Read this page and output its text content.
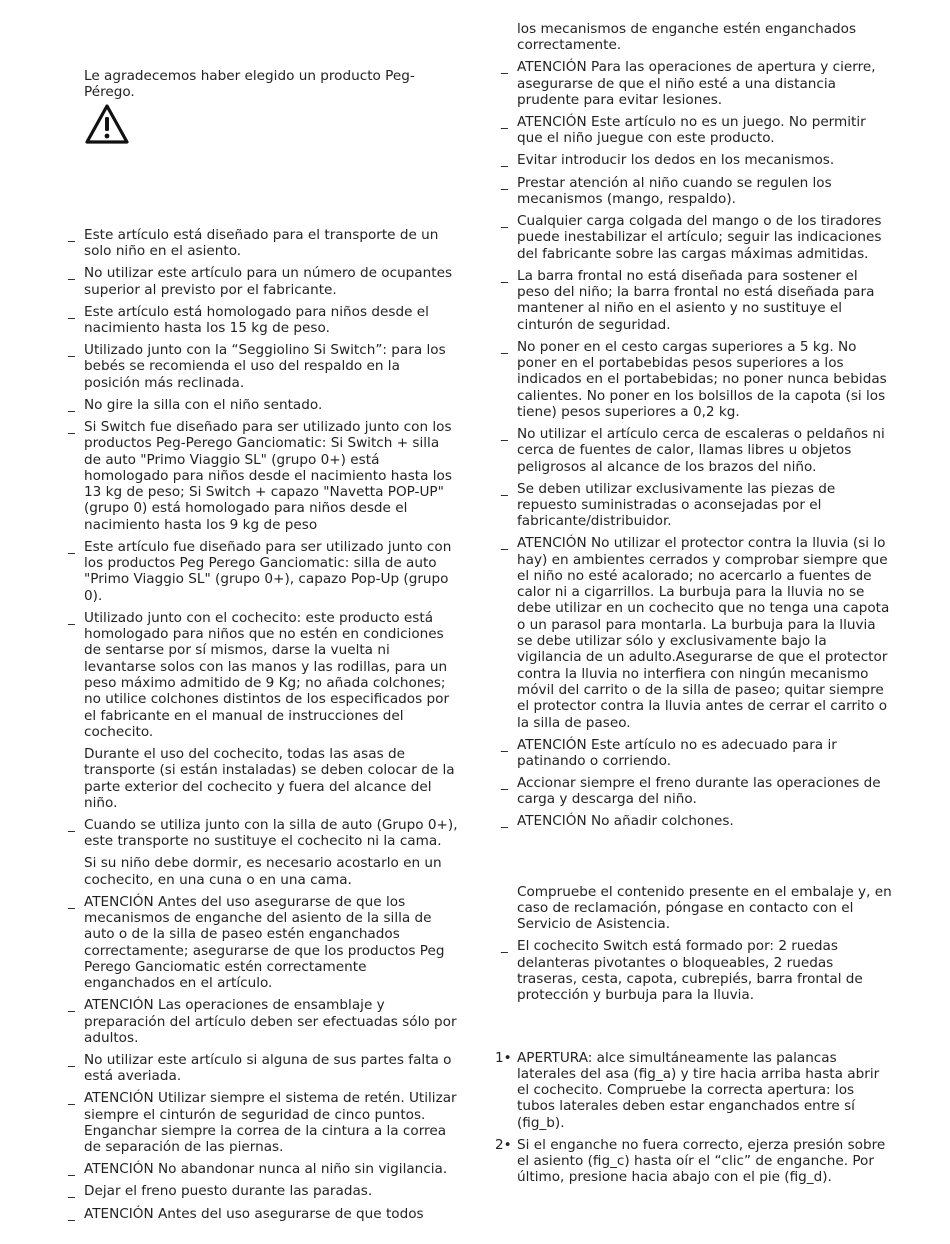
Le agradecemos haber elegido un producto Peg-Pérego.
_ Este artículo está diseñado para el transporte de un solo niño en el asiento.
_ No utilizar este artículo para un número de ocupantes superior al previsto por el fabricante.
_ Este artículo está homologado para niños desde el nacimiento hasta los 15 kg de peso.
_ Utilizado junto con la “Seggiolino Si Switch”: para los bebés se recomienda el uso del respaldo en la posición más reclinada.
_ No gire la silla con el niño sentado.
_ Si Switch fue diseñado para ser utilizado junto con los productos Peg-Perego Ganciomatic: Si Switch + silla de auto "Primo Viaggio SL" (grupo 0+) está homologado para niños desde el nacimiento hasta los 13 kg de peso; Si Switch + capazo "Navetta POP-UP" (grupo 0) está homologado para niños desde el nacimiento hasta los 9 kg de peso
_ Este artículo fue diseñado para ser utilizado junto con los productos Peg Perego Ganciomatic: silla de auto "Primo Viaggio SL" (grupo 0+), capazo Pop-Up (grupo 0).
_ Utilizado junto con el cochecito: este producto está homologado para niños que no estén en condiciones de sentarse por sí mismos, darse la vuelta ni levantarse solos con las manos y las rodillas, para un peso máximo admitido de 9 Kg; no añada colchones; no utilice colchones distintos de los especificados por el fabricante en el manual de instrucciones del cochecito.
Durante el uso del cochecito, todas las asas de transporte (si están instaladas) se deben colocar de la parte exterior del cochecito y fuera del alcance del niño.
_ Cuando se utiliza junto con la silla de auto (Grupo 0+), este transporte no sustituye el cochecito ni la cama.
Si su niño debe dormir, es necesario acostarlo en un cochecito, en una cuna o en una cama.
_ ATENCIÓN Antes del uso asegurarse de que los mecanismos de enganche del asiento de la silla de auto o de la silla de paseo estén enganchados correctamente; asegurarse de que los productos Peg Perego Ganciomatic estén correctamente enganchados en el artículo.
_ ATENCIÓN Las operaciones de ensamblaje y preparación del artículo deben ser efectuadas sólo por adultos.
_ No utilizar este artículo si alguna de sus partes falta o está averiada.
_ ATENCIÓN Utilizar siempre el sistema de retén. Utilizar siempre el cinturón de seguridad de cinco puntos. Enganchar siempre la correa de la cintura a la correa de separación de las piernas.
_ ATENCIÓN No abandonar nunca al niño sin vigilancia.
_ Dejar el freno puesto durante las paradas.
_ ATENCIÓN Antes del uso asegurarse de que todos
los mecanismos de enganche estén enganchados correctamente.
_ ATENCIÓN Para las operaciones de apertura y cierre, asegurarse de que el niño esté a una distancia prudente para evitar lesiones.
_ ATENCIÓN Este artículo no es un juego. No permitir que el niño juegue con este producto.
_ Evitar introducir los dedos en los mecanismos.
_ Prestar atención al niño cuando se regulen los mecanismos (mango, respaldo).
_ Cualquier carga colgada del mango o de los tiradores puede inestabilizar el artículo; seguir las indicaciones del fabricante sobre las cargas máximas admitidas.
_ La barra frontal no está diseñada para sostener el peso del niño; la barra frontal no está diseñada para mantener al niño en el asiento y no sustituye el cinturón de seguridad.
_ No poner en el cesto cargas superiores a 5 kg. No poner en el portabebidas pesos superiores a los indicados en el portabebidas; no poner nunca bebidas calientes. No poner en los bolsillos de la capota (si los tiene) pesos superiores a 0,2 kg.
_ No utilizar el artículo cerca de escaleras o peldaños ni cerca de fuentes de calor, llamas libres u objetos peligrosos al alcance de los brazos del niño.
_ Se deben utilizar exclusivamente las piezas de repuesto suministradas o aconsejadas por el fabricante/distribuidor.
_ ATENCIÓN No utilizar el protector contra la lluvia (si lo hay) en ambientes cerrados y comprobar siempre que el niño no esté acalorado; no acercarlo a fuentes de calor ni a cigarrillos. La burbuja para la lluvia no se debe utilizar en un cochecito que no tenga una capota o un parasol para montarla. La burbuja para la lluvia se debe utilizar sólo y exclusivamente bajo la vigilancia de un adulto.Asegurarse de que el protector contra la lluvia no interfiera con ningún mecanismo móvil del carrito o de la silla de paseo; quitar siempre el protector contra la lluvia antes de cerrar el carrito o la silla de paseo.
_ ATENCIÓN Este artículo no es adecuado para ir patinando o corriendo.
_ Accionar siempre el freno durante las operaciones de carga y descarga del niño.
_ ATENCIÓN No añadir colchones.
Compruebe el contenido presente en el embalaje y, en caso de reclamación, póngase en contacto con el Servicio de Asistencia.
_ El cochecito Switch está formado por: 2 ruedas delanteras pivotantes o bloqueables, 2 ruedas traseras, cesta, capota, cubrepiés, barra frontal de protección y burbuja para la lluvia.
1• APERTURA: alce simultáneamente las palancas laterales del asa (fig_a) y tire hacia arriba hasta abrir el cochecito. Compruebe la correcta apertura: los tubos laterales deben estar enganchados entre sí (fig_b).
2• Si el enganche no fuera correcto, ejerza presión sobre el asiento (fig_c) hasta oír el “clic” de enganche. Por último, presione hacia abajo con el pie (fig_d).
